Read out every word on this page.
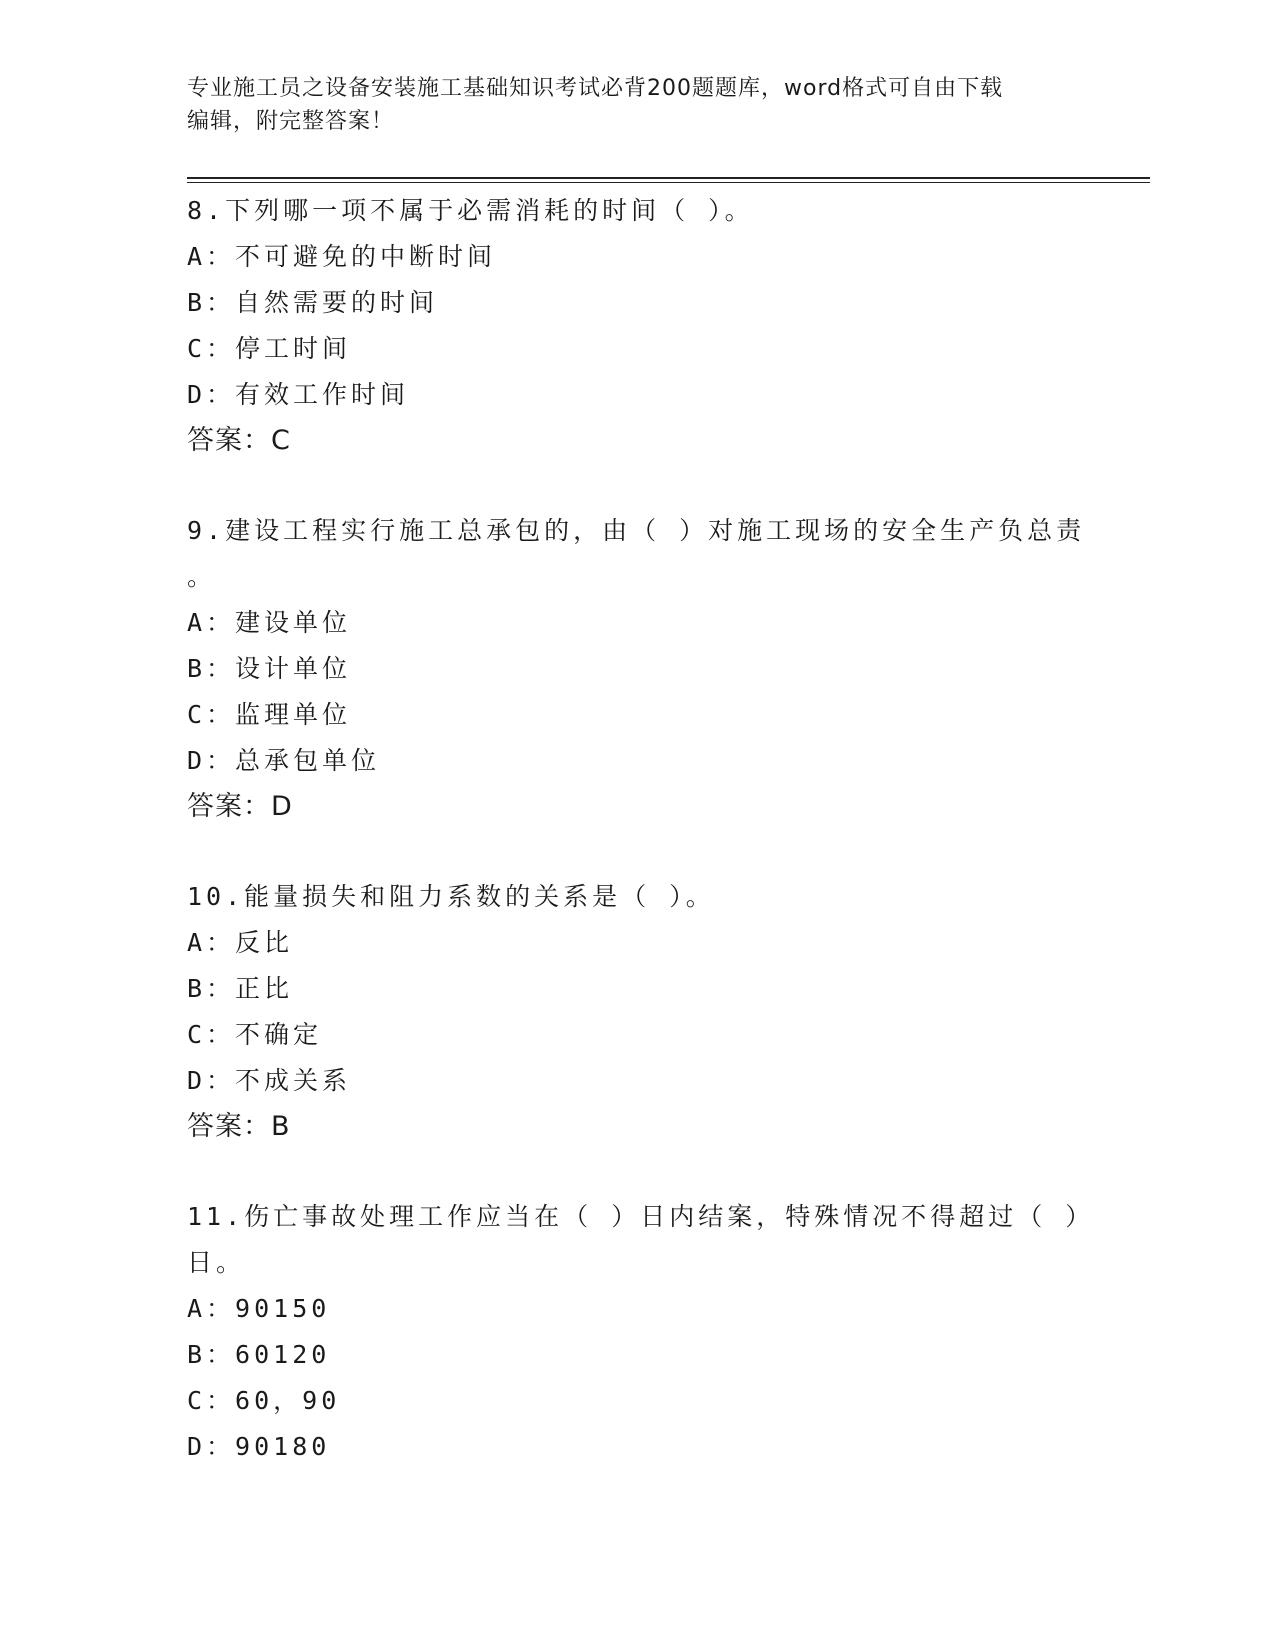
专业施工员之设备安装施工基础知识考试必背200题题库，word格式可自由下载
编辑，附完整答案！
8.下列哪一项不属于必需消耗的时间（ ）。
A：不可避免的中断时间
B：自然需要的时间
C：停工时间
D：有效工作时间
答案：C
9.建设工程实行施工总承包的，由（ ）对施工现场的安全生产负总责
。
A：建设单位
B：设计单位
C：监理单位
D：总承包单位
答案：D
10.能量损失和阻力系数的关系是（ ）。
A：反比
B：正比
C：不确定
D：不成关系
答案：B
11.伤亡事故处理工作应当在（ ）日内结案，特殊情况不得超过（ ）
日。
A：90150
B：60120
C：60，90
D：90180
